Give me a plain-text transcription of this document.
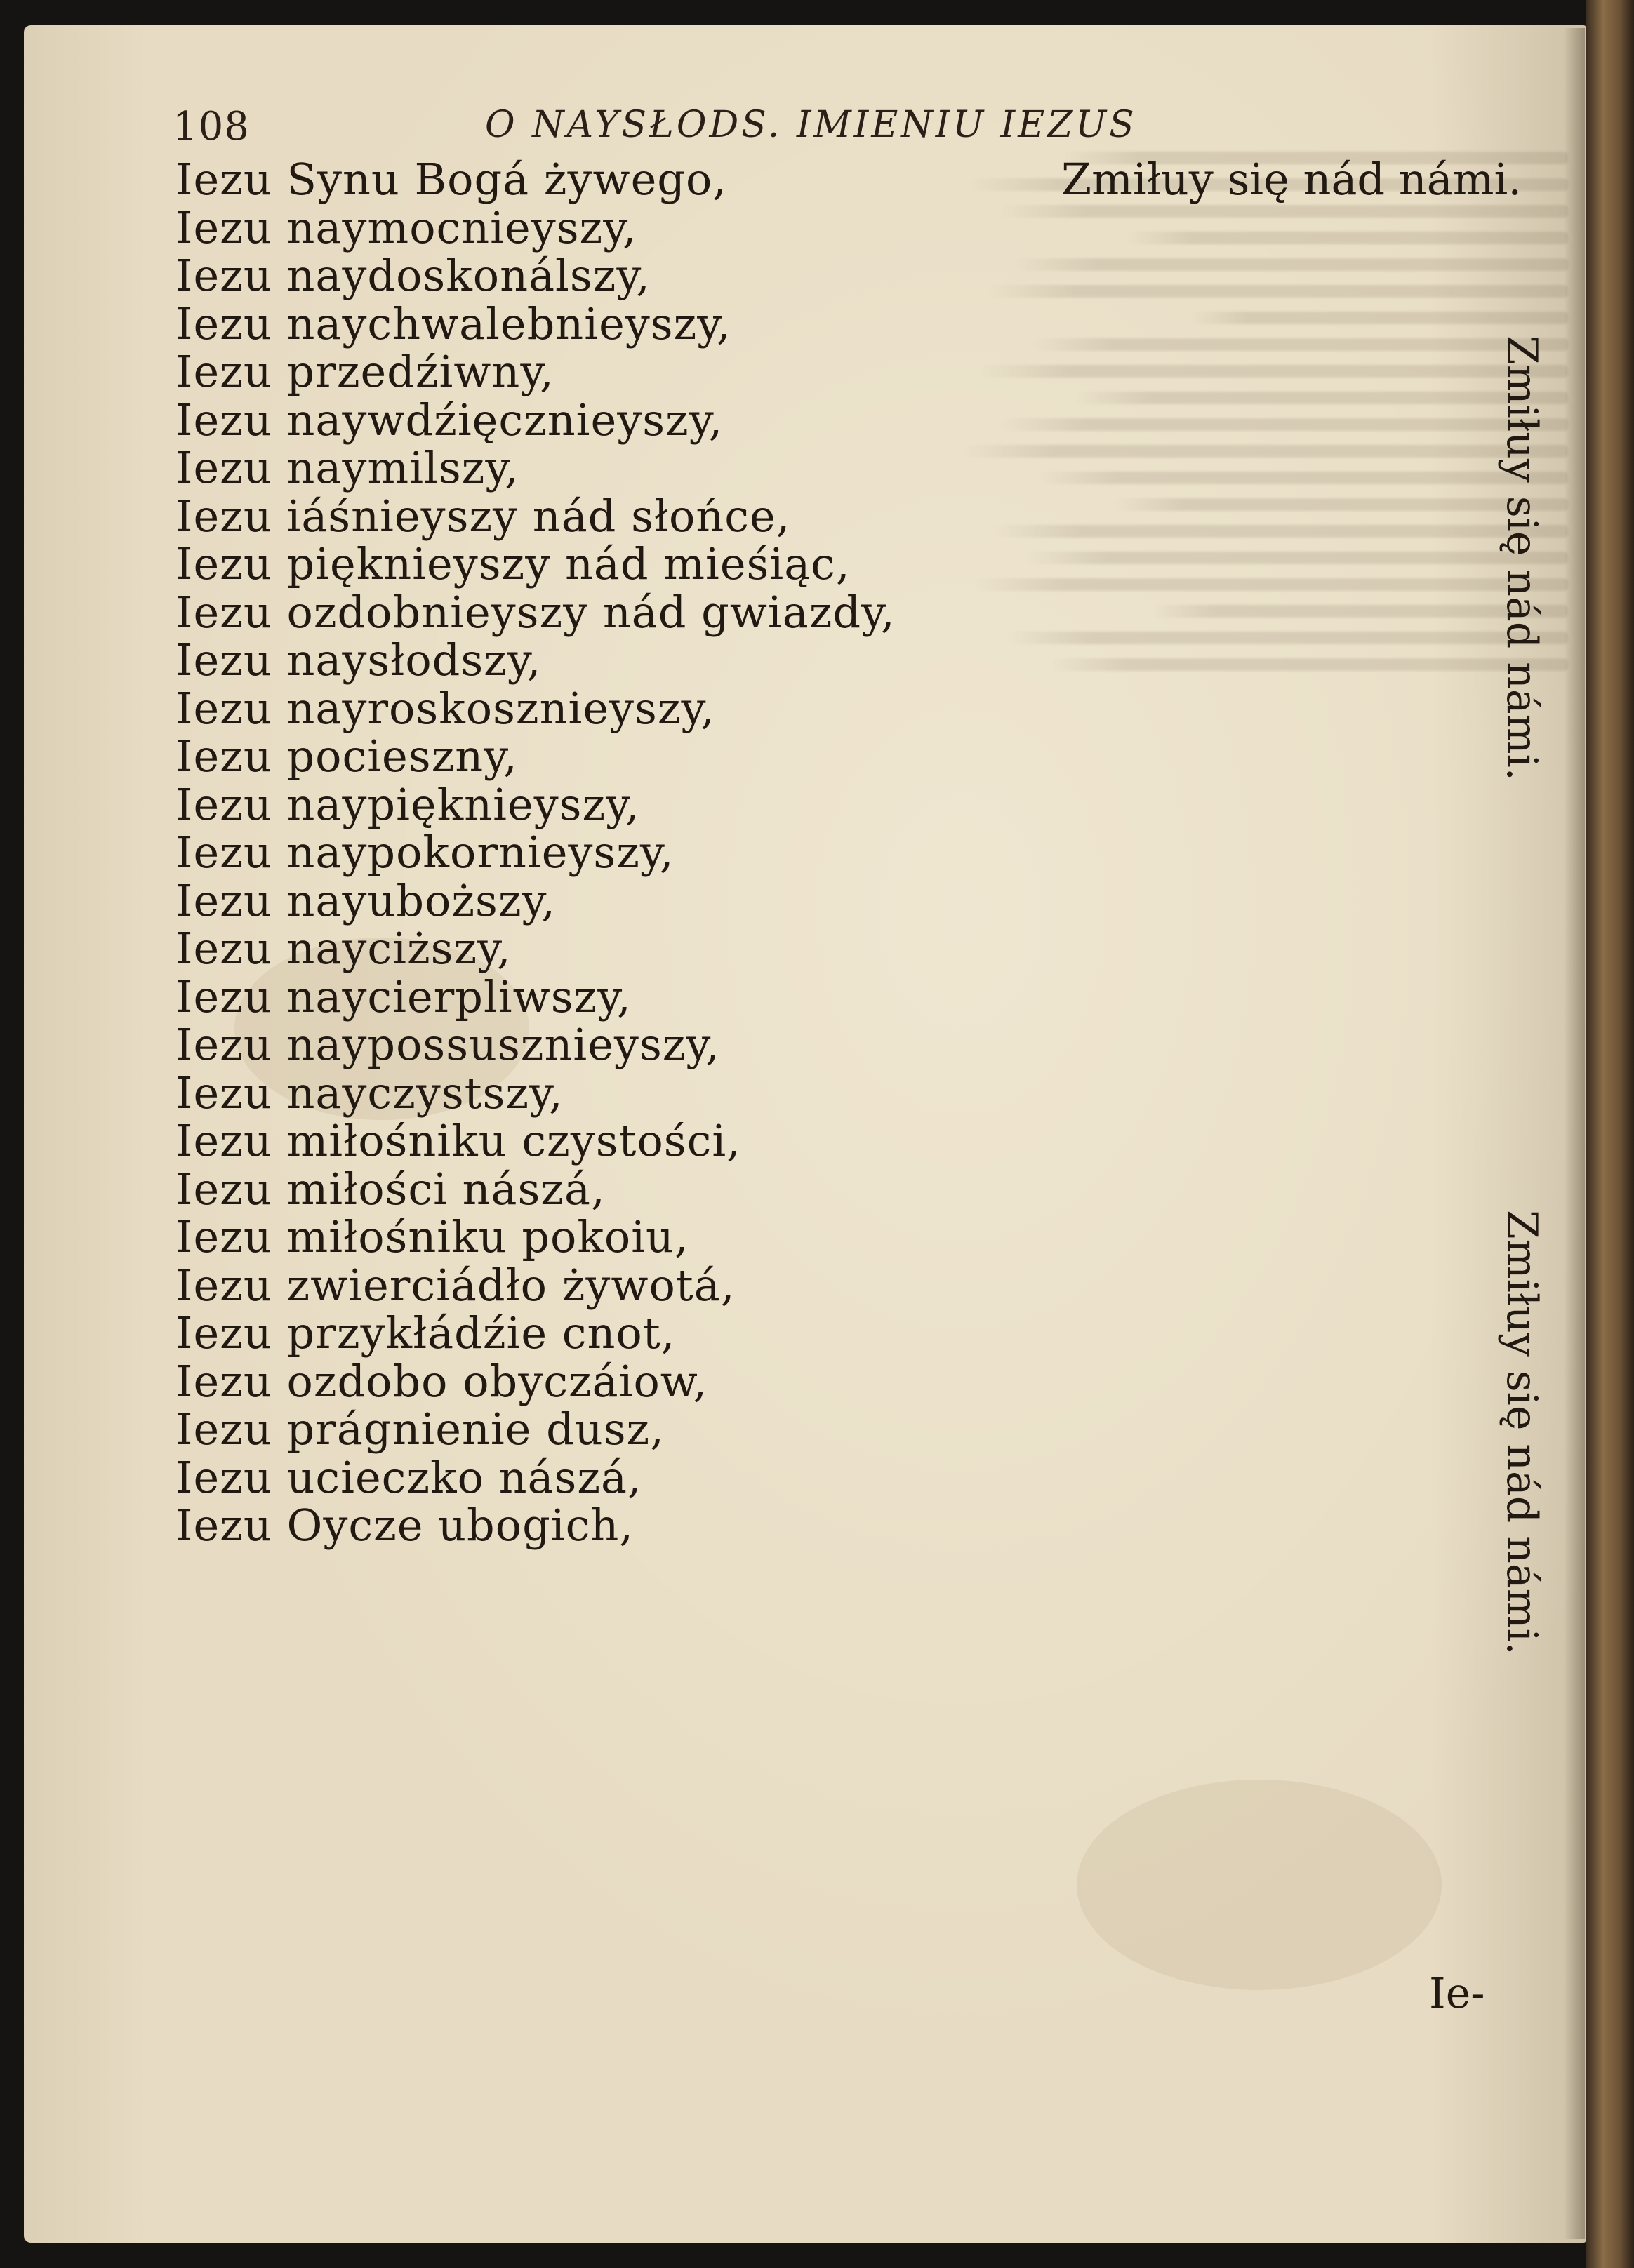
108	O NAYSŁODS. IMIENIU IEZUS
Zmiłuy się nád námi.
Iezu Synu Bogá żywego,
Iezu naymocnieyszy,
Iezu naydoskonálszy,
Iezu naychwalebnieyszy,
Iezu przedźiwny,
Iezu naywdźięcznieyszy,
Iezu naymilszy,
Iezu iáśnieyszy nád słońce,
Iezu pięknieyszy nád mieśiąc,
Iezu ozdobnieyszy nád gwiazdy,
Iezu naysłodszy,
Iezu nayroskosznieyszy,
Iezu pocieszny,
Iezu naypięknieyszy,
Iezu naypokornieyszy,
Iezu nayuboższy,
Iezu nayciższy,
Iezu naycierpliwszy,
Iezu naypossusznieyszy,
Iezu nayczystszy,
Iezu miłośniku czystości,
Iezu miłości nászá,
Iezu miłośniku pokoiu,
Iezu zwierciádło żywotá,
Iezu przykłádźie cnot,
Iezu ozdobo obyczáiow,
Iezu prágnienie dusz,
Iezu ucieczko nászá,
Iezu Oycze ubogich,
Zmiłuy się nád námi.
Zmiłuy się nád námi.
Ie-
